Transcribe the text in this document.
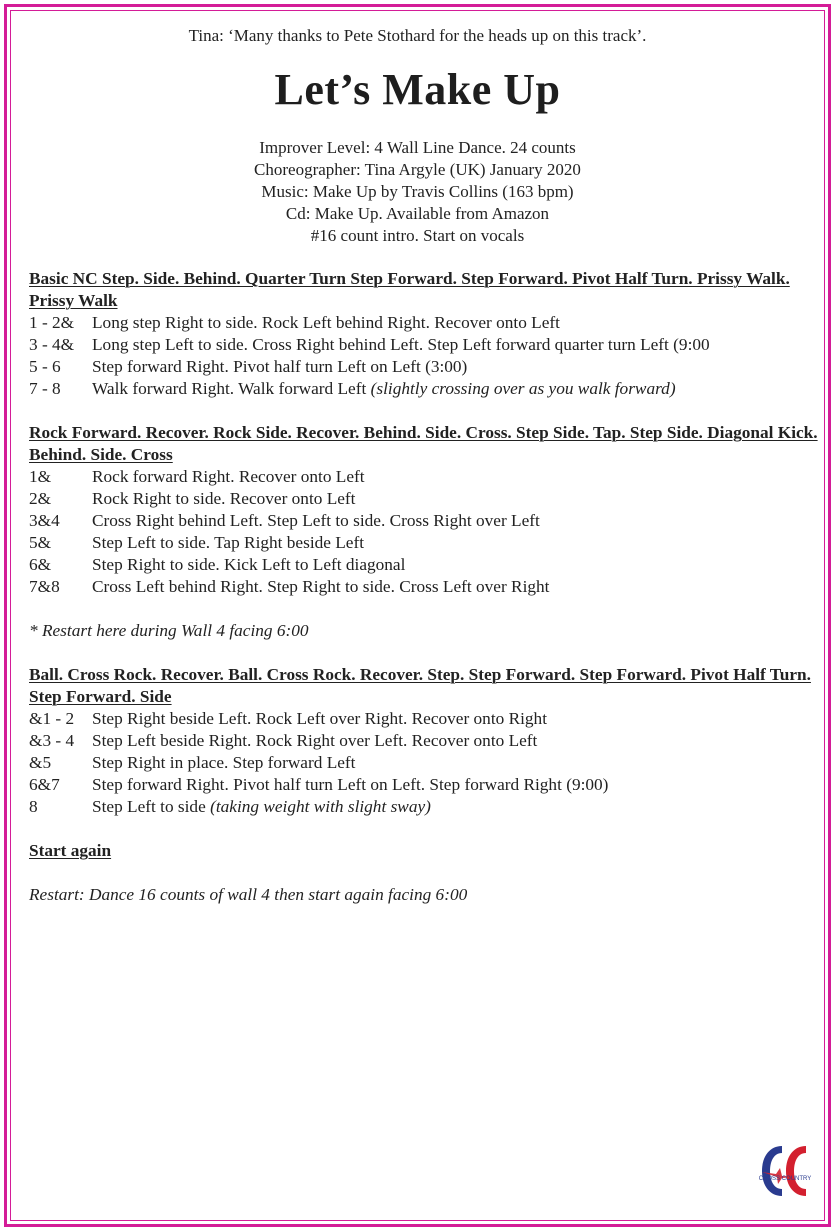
Tina: ‘Many thanks to Pete Stothard for the heads up on this track’.
Let’s Make Up
Improver Level: 4 Wall Line Dance. 24 counts
Choreographer: Tina Argyle (UK) January 2020
Music: Make Up by Travis Collins (163 bpm)
Cd: Make Up. Available from Amazon
#16 count intro. Start on vocals
Basic NC Step. Side. Behind. Quarter Turn Step Forward. Step Forward. Pivot Half Turn. Prissy Walk. Prissy Walk
1 - 2&	Long step Right to side. Rock Left behind Right. Recover onto Left
3 - 4&	Long step Left to side. Cross Right behind Left. Step Left forward quarter turn Left (9:00
5 - 6	Step forward Right. Pivot half turn Left on Left (3:00)
7 - 8	Walk forward Right. Walk forward Left (slightly crossing over as you walk forward)
Rock Forward. Recover. Rock Side. Recover. Behind. Side. Cross. Step Side. Tap. Step Side. Diagonal Kick. Behind. Side. Cross
1&	Rock forward Right. Recover onto Left
2&	Rock Right to side. Recover onto Left
3&4	Cross Right behind Left. Step Left to side. Cross Right over Left
5&	Step Left to side. Tap Right beside Left
6&	Step Right to side. Kick Left to Left diagonal
7&8	Cross Left behind Right. Step Right to side. Cross Left over Right
* Restart here during Wall 4 facing 6:00
Ball. Cross Rock. Recover. Ball. Cross Rock. Recover. Step. Step Forward. Step Forward. Pivot Half Turn. Step Forward. Side
&1 - 2	Step Right beside Left. Rock Left over Right. Recover onto Right
&3 - 4	Step Left beside Right. Rock Right over Left. Recover onto Left
&5	Step Right in place. Step forward Left
6&7	Step forward Right. Pivot half turn Left on Left. Step forward Right (9:00)
8	Step Left to side (taking weight with slight sway)
Start again
Restart: Dance 16 counts of wall 4 then start again facing 6:00
CROSS COUNTRY
